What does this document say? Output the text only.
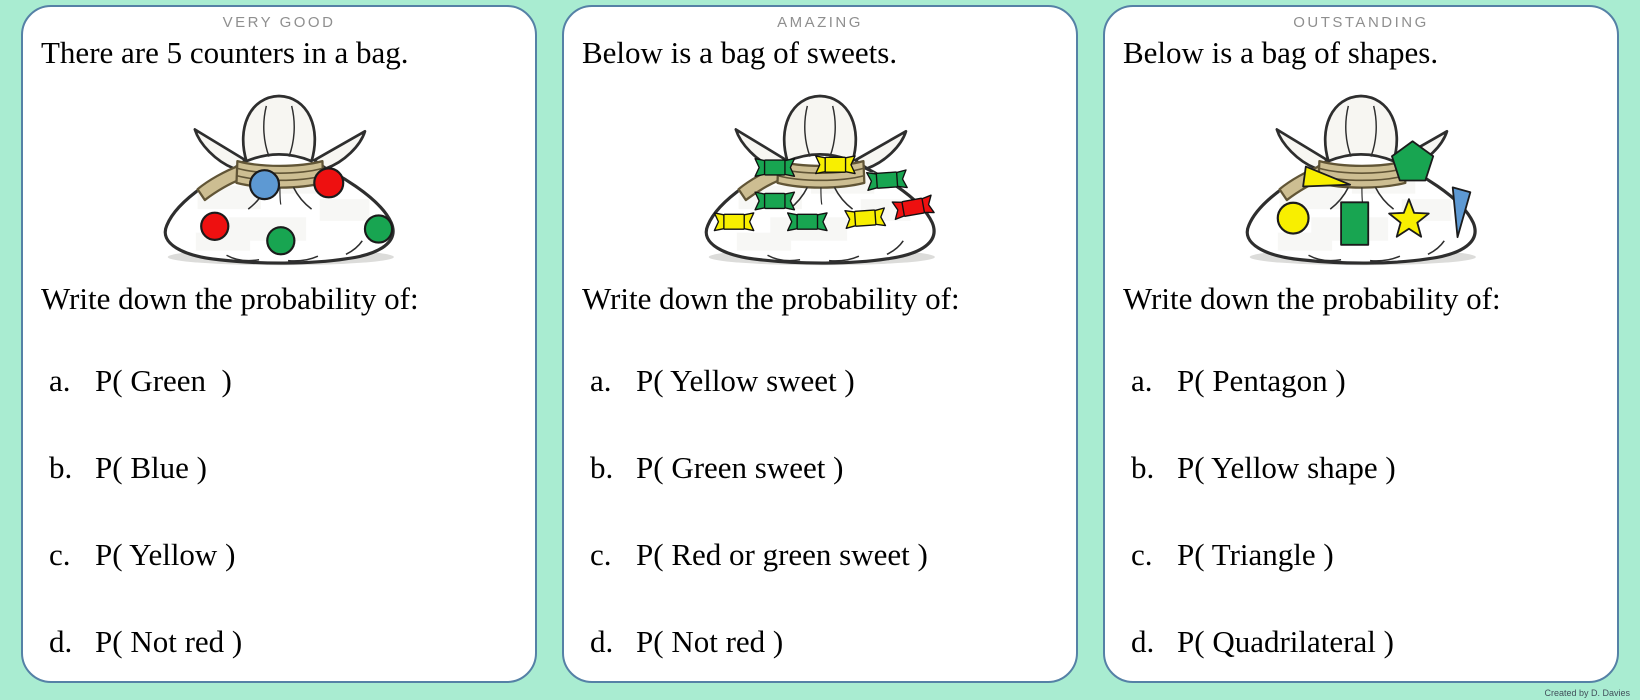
VERY GOOD
There are 5 counters in a bag.
Write down the probability of:
a. P( Green  )
b. P( Blue )
c. P( Yellow )
d. P( Not red )
AMAZING
Below is a bag of sweets.
Write down the probability of:
a. P( Yellow sweet )
b. P( Green sweet )
c. P( Red or green sweet )
d. P( Not red )
OUTSTANDING
Below is a bag of shapes.
Write down the probability of:
a. P( Pentagon )
b. P( Yellow shape )
c. P( Triangle )
d. P( Quadrilateral )
Created by D. Davies
